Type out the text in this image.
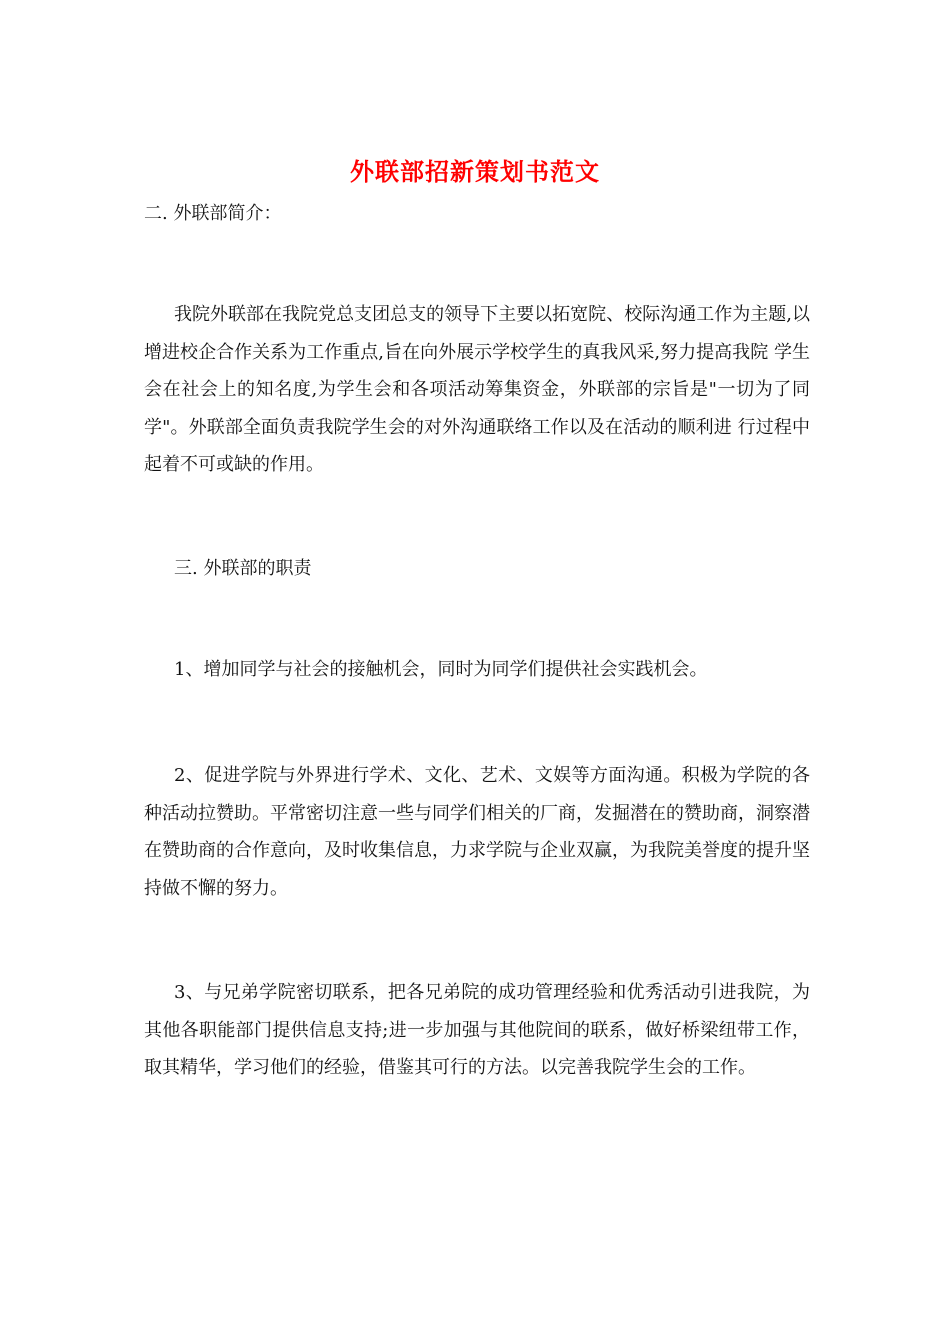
外联部招新策划书范文
二. 外联部简介：
我院外联部在我院党总支团总支的领导下主要以拓宽院、校际沟通工作为主题,以增进校企合作关系为工作重点,旨在向外展示学校学生的真我风采,努力提高我院 学生会在社会上的知名度,为学生会和各项活动筹集资金，外联部的宗旨是"一切为了同学"。外联部全面负责我院学生会的对外沟通联络工作以及在活动的顺利进 行过程中起着不可或缺的作用。
三. 外联部的职责
1、增加同学与社会的接触机会，同时为同学们提供社会实践机会。
2、促进学院与外界进行学术、文化、艺术、文娱等方面沟通。积极为学院的各种活动拉赞助。平常密切注意一些与同学们相关的厂商，发掘潜在的赞助商，洞察潜在赞助商的合作意向，及时收集信息，力求学院与企业双赢，为我院美誉度的提升坚持做不懈的努力。
3、与兄弟学院密切联系，把各兄弟院的成功管理经验和优秀活动引进我院，为其他各职能部门提供信息支持;进一步加强与其他院间的联系，做好桥梁纽带工作，取其精华，学习他们的经验，借鉴其可行的方法。以完善我院学生会的工作。
